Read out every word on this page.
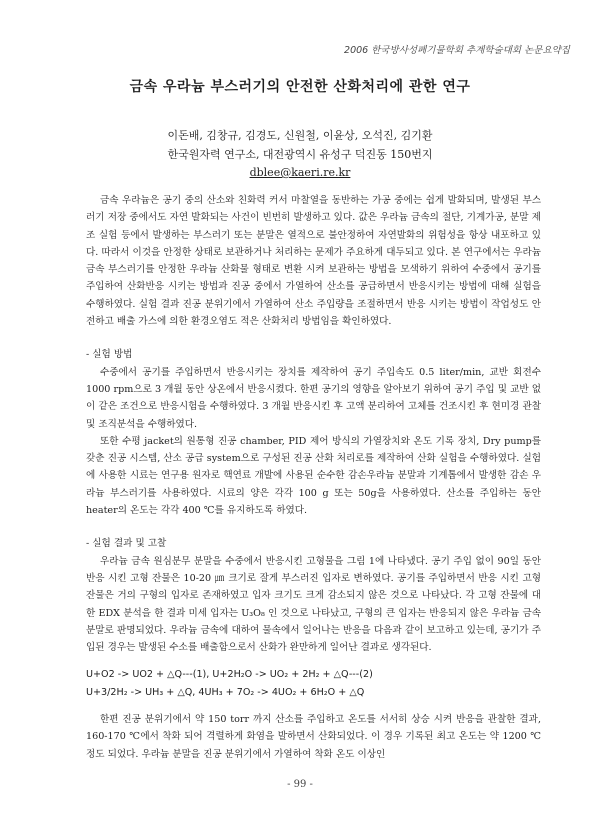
2006 한국방사성폐기물학회 추계학술대회 논문요약집
금속 우라늄 부스러기의 안전한 산화처리에 관한 연구
이돈배, 김창규, 김경도, 신원철, 이윤상, 오석진, 김기환
한국원자력 연구소, 대전광역시 유성구 덕진동 150번지
dblee@kaeri.re.kr

금속 우라늄은 공기 중의 산소와 친화력 커서 마찰열을 동반하는 가공 중에는 쉽게 발화되며, 발생된 부스러기 저장 중에서도 자연 발화되는 사건이 빈번히 발생하고 있다. 값은 우라늄 금속의 절단, 기계가공, 분말 제조 실험 등에서 발생하는 부스러기 또는 분말은 열적으로 불안정하여 자연발화의 위험성을 항상 내포하고 있다. 따라서 이것을 안정한 상태로 보관하거나 처리하는 문제가 주요하게 대두되고 있다. 본 연구에서는 우라늄 금속 부스러기를 안정한 우라늄 산화물 형태로 변환 시켜 보관하는 방법을 모색하기 위하여 수중에서 공기를 주입하여 산화반응 시키는 방법과 진공 중에서 가열하여 산소를 공급하면서 반응시키는 방법에 대해 실험을 수행하였다. 실험 결과 진공 분위기에서 가열하여 산소 주입량을 조절하면서 반응 시키는 방법이 작업성도 안전하고 배출 가스에 의한 환경오염도 적은 산화처리 방법임을 확인하였다.

- 실험 방법

수중에서 공기를 주입하면서 반응시키는 장치를 제작하여 공기 주입속도 0.5 liter/min, 교반 회전수 1000 rpm으로 3 개월 동안 상온에서 반응시켰다. 한편 공기의 영향을 알아보기 위하여 공기 주입 및 교반 없이 같은 조건으로 반응시험을 수행하였다. 3 개월 반응시킨 후 고액 분리하여 고체를 건조시킨 후 현미경 관찰 및 조직분석을 수행하였다.

또한 수평 jacket의 원통형 진공 chamber, PID 제어 방식의 가열장치와 온도 기록 장치, Dry pump를 갖춘 진공 시스템, 산소 공급 system으로 구성된 진공 산화 처리로를 제작하여 산화 실험을 수행하였다. 실험에 사용한 시료는 연구용 원자로 핵연료 개발에 사용된 순수한 감손우라늄 분말과 기계톱에서 발생한 감손 우라늄 부스러기를 사용하였다. 시료의 양은 각각 100 g 또는 50g을 사용하였다. 산소를 주입하는 동안 heater의 온도는 각각 400 ℃를 유지하도록 하였다.

- 실험 결과 및 고찰

우라늄 금속 원심분무 분말을 수중에서 반응시킨 고형물을 그림 1에 나타냈다. 공기 주입 없이 90일 동안 반응 시킨 고형 잔물은 10-20 ㎛ 크기로 잘게 부스러진 입자로 변하였다. 공기를 주입하면서 반응 시킨 고형 잔물은 거의 구형의 입자로 존재하였고 입자 크기도 크게 감소되지 않은 것으로 나타났다. 각 고형 잔물에 대한 EDX 분석을 한 결과 미세 입자는 U₃O₈ 인 것으로 나타났고, 구형의 큰 입자는 반응되지 않은 우라늄 금속 분말로 판명되었다. 우라늄 금속에 대하여 물속에서 일어나는 반응을 다음과 같이 보고하고 있는데, 공기가 주입된 경우는 발생된 수소를 배출함으로서 산화가 완만하게 일어난 결과로 생각된다.

U+O2 -> UO2 + △Q---(1), U+2H₂O -> UO₂ + 2H₂ + △Q---(2)

U+3/2H₂ -> UH₃ + △Q, 4UH₃ + 7O₂ -> 4UO₂ + 6H₂O + △Q

한편 진공 분위기에서 약 150 torr 까지 산소를 주입하고 온도를 서서히 상승 시켜 반응을 관찰한 결과, 160-170 ℃에서 착화 되어 격렬하게 화염을 발하면서 산화되었다. 이 경우 기록된 최고 온도는 약 1200 ℃ 정도 되었다. 우라늄 분말을 진공 분위기에서 가열하여 착화 온도 이상인

- 99 -
